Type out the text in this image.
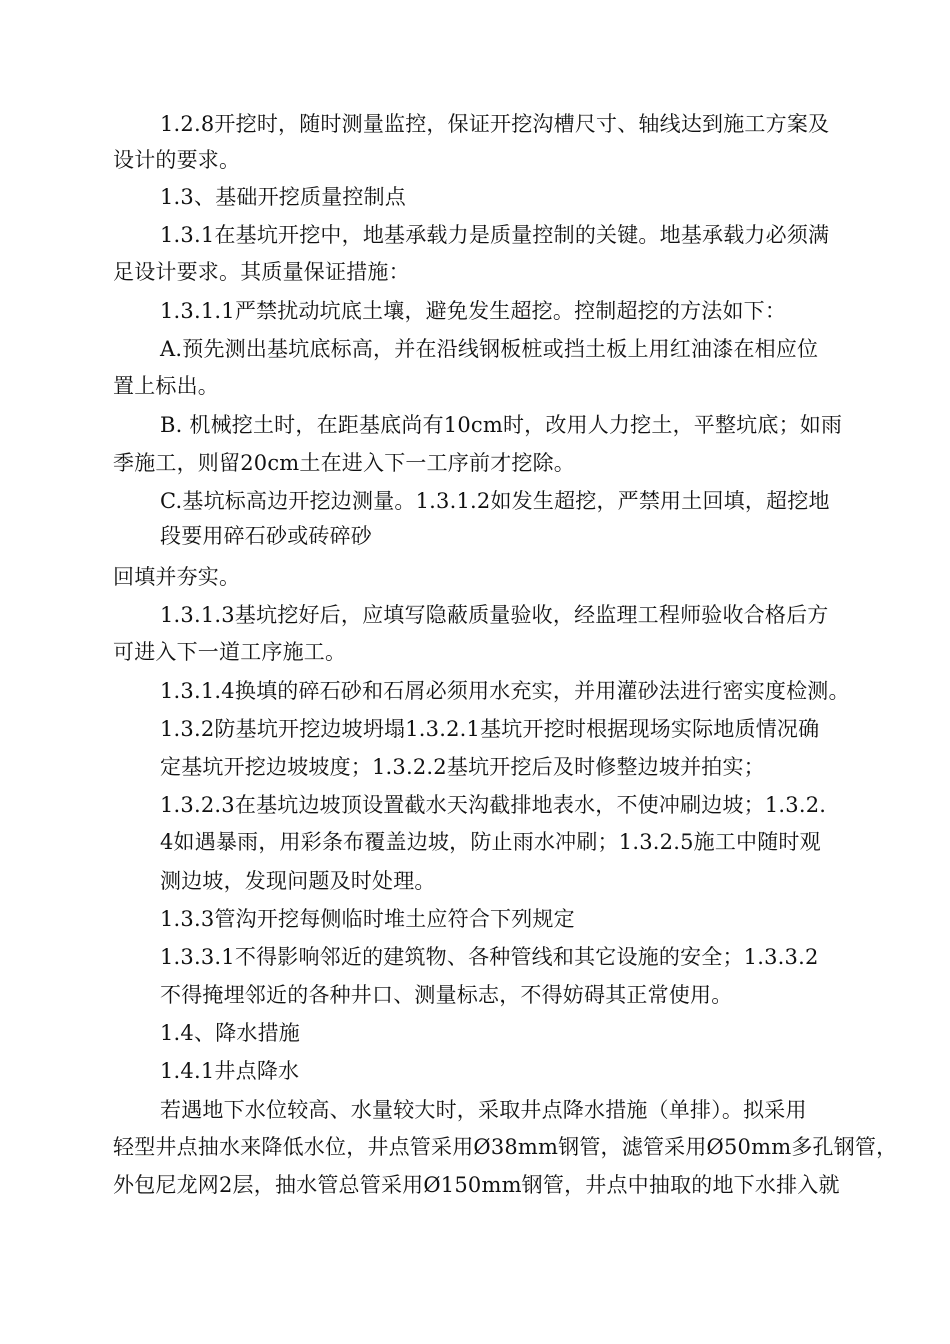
1.2.8开挖时，随时测量监控，保证开挖沟槽尺寸、轴线达到施工方案及
设计的要求。
1.3、基础开挖质量控制点
1.3.1在基坑开挖中，地基承载力是质量控制的关键。地基承载力必须满
足设计要求。其质量保证措施：
1.3.1.1严禁扰动坑底土壤，避免发生超挖。控制超挖的方法如下：
A.预先测出基坑底标高，并在沿线钢板桩或挡土板上用红油漆在相应位
置上标出。
B. 机械挖土时，在距基底尚有10cm时，改用人力挖土，平整坑底；如雨
季施工，则留20cm土在进入下一工序前才挖除。
C.基坑标高边开挖边测量。1.3.1.2如发生超挖，严禁用土回填，超挖地
段要用碎石砂或砖碎砂
回填并夯实。
1.3.1.3基坑挖好后，应填写隐蔽质量验收，经监理工程师验收合格后方
可进入下一道工序施工。
1.3.1.4换填的碎石砂和石屑必须用水充实，并用灌砂法进行密实度检测。
1.3.2防基坑开挖边坡坍塌1.3.2.1基坑开挖时根据现场实际地质情况确
定基坑开挖边坡坡度；1.3.2.2基坑开挖后及时修整边坡并拍实；
1.3.2.3在基坑边坡顶设置截水天沟截排地表水，不使冲刷边坡；1.3.2.
4如遇暴雨，用彩条布覆盖边坡，防止雨水冲刷；1.3.2.5施工中随时观
测边坡，发现问题及时处理。
1.3.3管沟开挖每侧临时堆土应符合下列规定
1.3.3.1不得影响邻近的建筑物、各种管线和其它设施的安全；1.3.3.2
不得掩埋邻近的各种井口、测量标志，不得妨碍其正常使用。
1.4、降水措施
1.4.1井点降水
若遇地下水位较高、水量较大时，采取井点降水措施（单排）。拟采用
轻型井点抽水来降低水位，井点管采用Ø38mm钢管，滤管采用Ø50mm多孔钢管，
外包尼龙网2层，抽水管总管采用Ø150mm钢管，井点中抽取的地下水排入就
